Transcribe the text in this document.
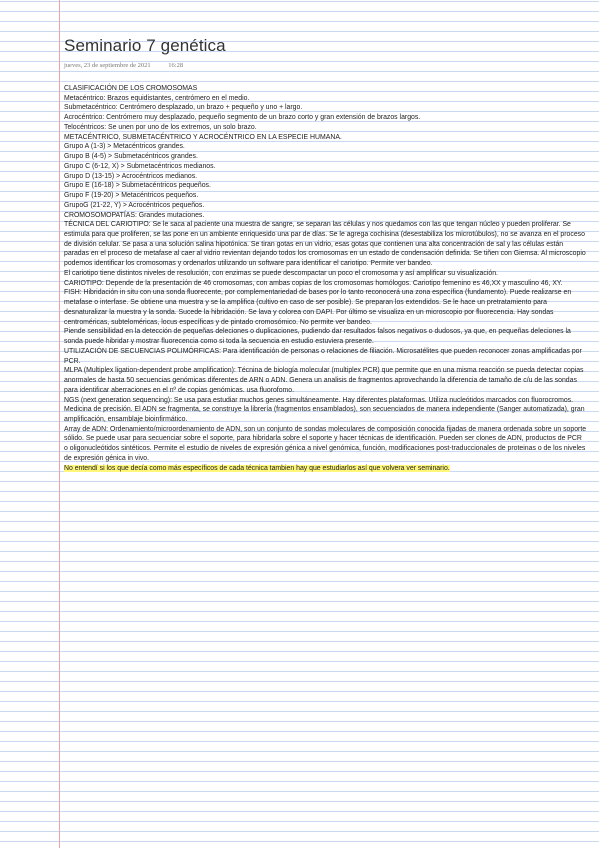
Seminario 7 genética
jueves, 23 de septiembre de 2021	16:28

CLASIFICACIÓN DE LOS CROMOSOMAS

Metacéntrico: Brazos equidistantes, centrómero en el medio.

Submetacéntrico: Centrómero desplazado, un brazo + pequeño y uno + largo.

Acrocéntrico: Centrómero muy desplazado, pequeño segmento de un brazo corto y gran extensión de brazos largos.

Telocéntricos: Se unen por uno de los extremos, un solo brazo.

METACÉNTRICO, SUBMETACÉNTRICO Y ACROCÉNTRICO EN LA ESPECIE HUMANA.

Grupo A (1-3) > Metacéntricos grandes.

Grupo B (4-5) > Submetacéntricos grandes.

Grupo C (6-12, X) > Submetacéntricos medianos.

Grupo D (13-15) > Acrocéntricos medianos.

Grupo E (16-18) > Submetacéntricos pequeños.

Grupo F (19-20) > Metacéntricos pequeños.

GrupoG (21-22, Y) > Acrocéntricos pequeños.

CROMOSOMOPATÍAS: Grandes mutaciones.

TÉCNICA DEL CARIOTIPO: Se le saca al paciente una muestra de sangre, se separan las células y nos quedamos con las que tengan núcleo y pueden proliferar. Se estimula para que proliferen, se las pone en un ambiente enriquesido una par de días. Se le agrega cochisina (desestabiliza los microtúbulos), no se avanza en el proceso de división celular. Se pasa a una solución salina hipotónica. Se tiran gotas en un vidrio, esas gotas que contienen una alta concentración de sal y las células están paradas en el proceso de metafase al caer al vidrio revientan dejando todos los cromosomas en un estado de condensación definida. Se tiñen con Giemsa. Al microscopio podemos identificar los cromosomas y ordenarlos utilizando un software para identificar el cariotipo. Permite ver bandeo.

El cariotipo tiene distintos niveles de resolución, con enzimas se puede descompactar un poco el cromosoma y así amplificar su visualización.

CARIOTIPO: Depende de la presentación de 46 cromosomas, con ambas copias de los cromosomas homólogos. Cariotipo femenino es 46,XX y masculino 46, XY.

FISH: Hibridación in situ con una sonda fluorecente, por complementariedad de bases por lo tanto reconocerá una zona específica (fundamento). Puede realizarse en metafase o interfase. Se obtiene una muestra y se la amplifica (cultivo en caso de ser posible). Se preparan los extendidos. Se le hace un pretratamiento para desnaturalizar la muestra y la sonda. Sucede la hibridación. Se lava y colorea con DAPI. Por último se visualiza en un microscopio por fluorecencia. Hay sondas centroméricas, subteloméricas, locus específicas y de pintado cromosómico. No permite ver bandeo.

Piende sensibilidad en la detección de pequeñas deleciones o duplicaciones, pudiendo dar resultados falsos negativos o dudosos, ya que, en pequeñas deleciones la sonda puede hibridar y mostrar fluorecencia como si toda la secuencia en estudio estuviera presente.

UTILIZACIÓN DE SECUENCIAS POLIMÓRFICAS: Para identificación de personas o relaciones de filiación. Microsatélites que pueden reconocer zonas amplificadas por PCR.

MLPA (Multiplex ligation-dependent probe amplification): Técnina de biología molecular (multiplex PCR) que permite que en una misma reacción se pueda detectar copias anormales de hasta 50 secuencias genómicas diferentes de ARN o ADN. Genera un analisis de fragmentos aprovechando la diferencia de tamaño de c/u de las sondas para identificar aberraciones en el nº de copias genómicas. usa fluorofomo.

NGS (next generation sequencing): Se usa para estudiar muchos genes simultáneamente. Hay diferentes plataformas. Utiliza nucleótidos marcados con fluorocromos. Medicina de precisión. El ADN se fragmenta, se construye la librería (fragmentos ensamblados), son secuenciados de manera independiente (Sanger automatizada), gran amplificación, ensamblaje bioinfirmático.

Array de ADN: Ordenamiento/microordenamiento de ADN, son un conjunto de sondas moleculares de composición conocida fijadas de manera ordenada sobre un soporte sólido. Se puede usar para secuenciar sobre el soporte, para hibridarla sobre el soporte y hacer técnicas de identificación. Pueden ser clones de ADN, productos de PCR o oligonucleótidos sintéticos. Permite el estudio de niveles de expresión génica a nivel genómica, función, modificaciones post-traduccionales de proteinas o de los niveles de expresión génica in vivo.

No entendí si los que decía como más específicos de cada técnica tambien hay que estudiarlos así que volvera ver seminario.
